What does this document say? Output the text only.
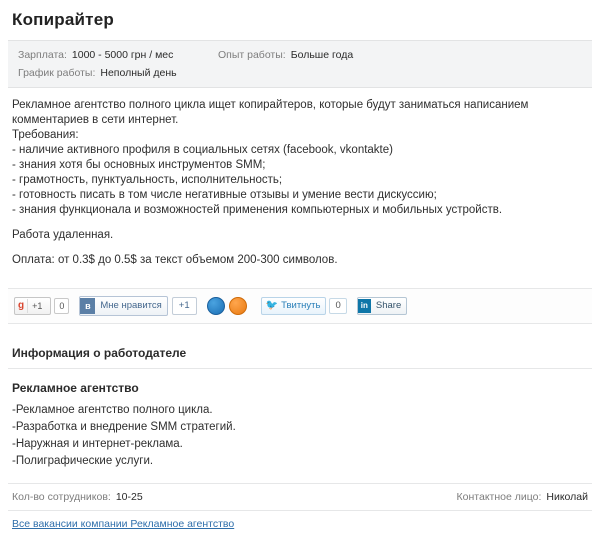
Копирайтер
Зарплата: 1000 - 5000 грн / мес	Опыт работы: Больше года
График работы: Неполный день

Рекламное агентство полного цикла ищет копирайтеров, которые будут заниматься написанием комментариев в сети интернет.

Требования:

- наличие активного профиля в социальных сетях (facebook, vkontakte)

- знания хотя бы основных инструментов SMM;

- грамотность, пунктуальность, исполнительность;

- готовность писать в том числе негативные отзывы и умение вести дискуссию;

- знания функционала и возможностей применения компьютерных и мобильных устройств.

Работа удаленная.

Оплата: от 0.3$ до 0.5$ за текст объемом 200-300 символов.

g +1	0	в	Мне нравится	+1	🐦 Твитнуть	0	in Share
Информация о работодателе
Рекламное агентство
-Рекламное агентство полного цикла.
-Разработка и внедрение SMM стратегий.
-Наружная и интернет-реклама.
-Полиграфические услуги.
Кол-во сотрудников: 10-25	Контактное лицо: Николай
Все вакансии компании Рекламное агентство
